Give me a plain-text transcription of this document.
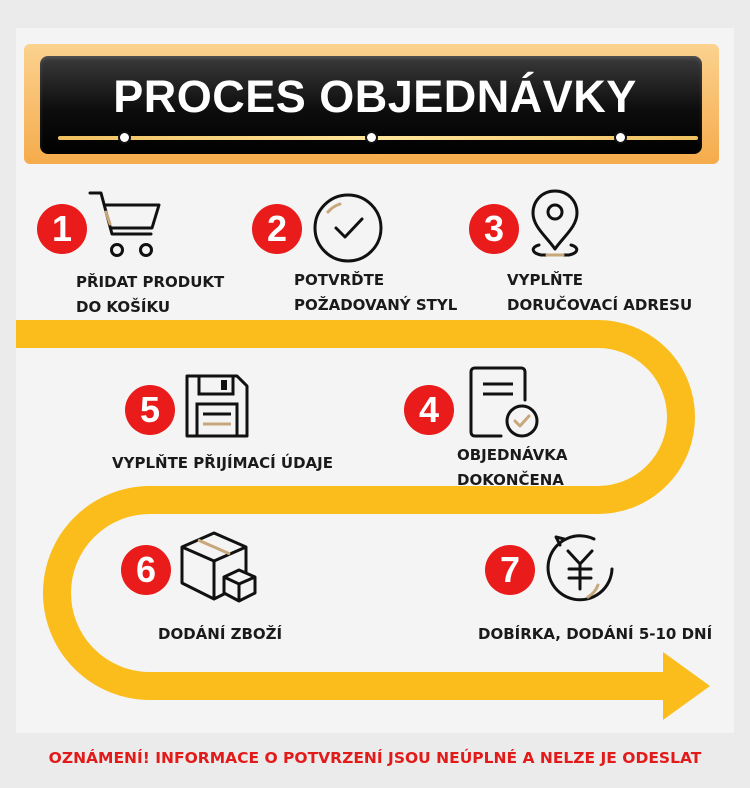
PROCES OBJEDNÁVKY
1
PŘIDAT PRODUKT
DO KOŠÍKU
2
POTVRĎTE
POŽADOVANÝ STYL
3
VYPLŇTE
DORUČOVACÍ ADRESU
5
VYPLŇTE PŘIJÍMACÍ ÚDAJE
4
OBJEDNÁVKA
DOKONČENA
6
DODÁNÍ ZBOŽÍ
7
DOBÍRKA, DODÁNÍ 5-10 DNÍ
OZNÁMENÍ! INFORMACE O POTVRZENÍ JSOU NEÚPLNÉ A NELZE JE ODESLAT
